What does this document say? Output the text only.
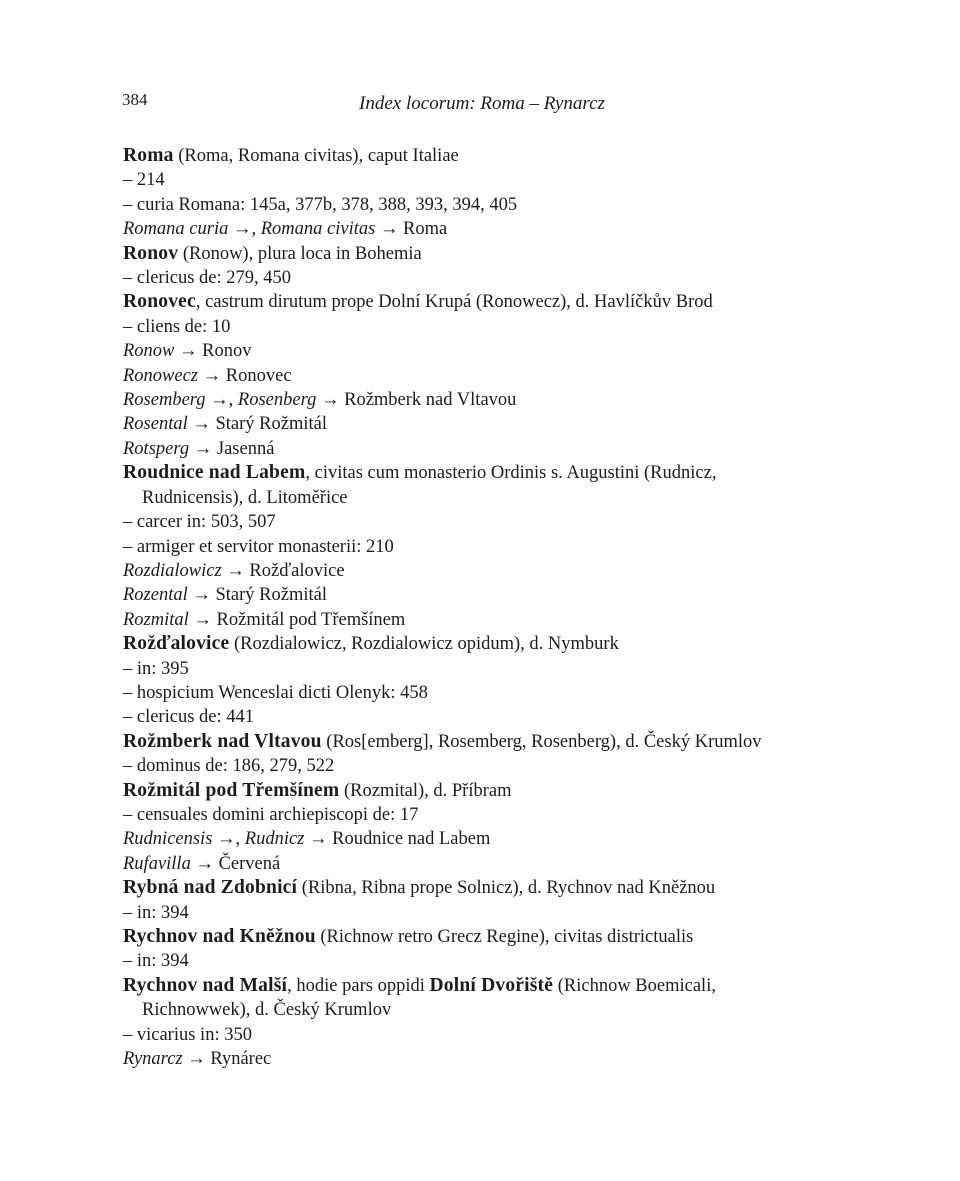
384	Index locorum: Roma – Rynarcz
Roma (Roma, Romana civitas), caput Italiae
– 214
– curia Romana: 145a, 377b, 378, 388, 393, 394, 405
Romana curia →, Romana civitas → Roma
Ronov (Ronow), plura loca in Bohemia
– clericus de: 279, 450
Ronovec, castrum dirutum prope Dolní Krupá (Ronowecz), d. Havlíčkův Brod
– cliens de: 10
Ronow → Ronov
Ronowecz → Ronovec
Rosemberg →, Rosenberg → Rožmberk nad Vltavou
Rosental → Starý Rožmitál
Rotsperg → Jasenná
Roudnice nad Labem, civitas cum monasterio Ordinis s. Augustini (Rudnicz,
Rudnicensis), d. Litoměřice
– carcer in: 503, 507
– armiger et servitor monasterii: 210
Rozdialowicz → Rožďalovice
Rozental → Starý Rožmitál
Rozmital → Rožmitál pod Třemšínem
Rožďalovice (Rozdialowicz, Rozdialowicz opidum), d. Nymburk
– in: 395
– hospicium Wenceslai dicti Olenyk: 458
– clericus de: 441
Rožmberk nad Vltavou (Ros[emberg], Rosemberg, Rosenberg), d. Český Krumlov
– dominus de: 186, 279, 522
Rožmitál pod Třemšínem (Rozmital), d. Příbram
– censuales domini archiepiscopi de: 17
Rudnicensis →, Rudnicz → Roudnice nad Labem
Rufavilla → Červená
Rybná nad Zdobnicí (Ribna, Ribna prope Solnicz), d. Rychnov nad Kněžnou
– in: 394
Rychnov nad Kněžnou (Richnow retro Grecz Regine), civitas districtualis
– in: 394
Rychnov nad Malší, hodie pars oppidi Dolní Dvořiště (Richnow Boemicali,
Richnowwek), d. Český Krumlov
– vicarius in: 350
Rynarcz → Rynárec
